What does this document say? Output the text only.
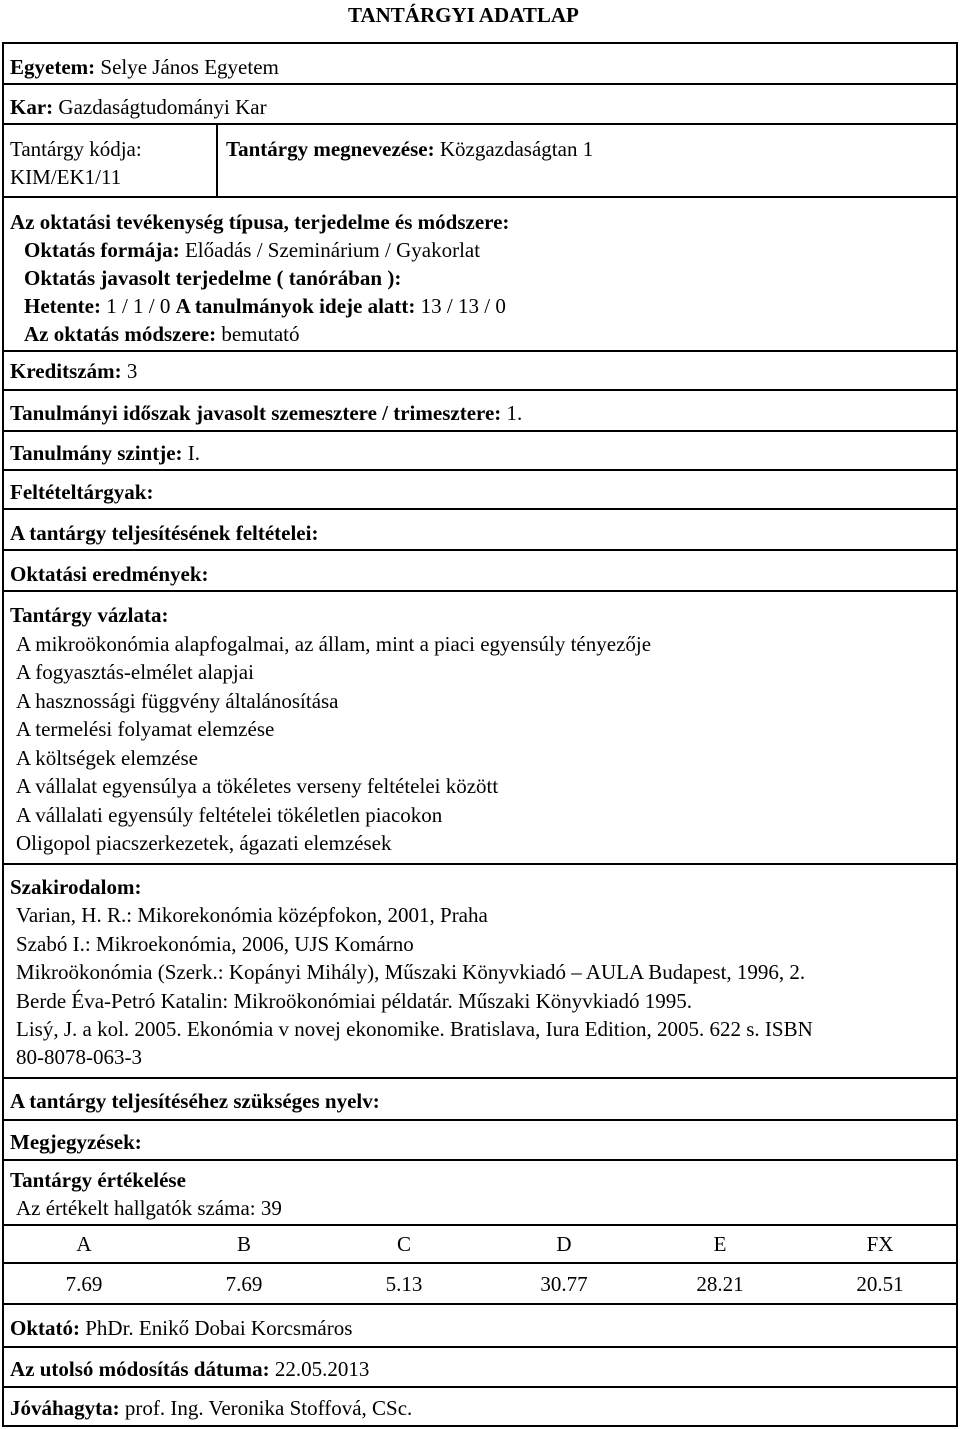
TANTÁRGYI ADATLAP
Egyetem: Selye János Egyetem
Kar: Gazdaságtudományi Kar
Tantárgy kódja:
KIM/EK1/11
Tantárgy megnevezése: Közgazdaságtan 1
Az oktatási tevékenység típusa, terjedelme és módszere:
Oktatás formája: Előadás / Szeminárium / Gyakorlat
Oktatás javasolt terjedelme ( tanórában ):
Hetente: 1 / 1 / 0 A tanulmányok ideje alatt: 13 / 13 / 0
Az oktatás módszere: bemutató
Kreditszám: 3
Tanulmányi időszak javasolt szemesztere / trimesztere: 1.
Tanulmány szintje: I.
Feltételtárgyak:
A tantárgy teljesítésének feltételei:
Oktatási eredmények:
Tantárgy vázlata:
A mikroökonómia alapfogalmai, az állam, mint a piaci egyensúly tényezője
A fogyasztás-elmélet alapjai
A hasznossági függvény általánosítása
A termelési folyamat elemzése
A költségek elemzése
A vállalat egyensúlya a tökéletes verseny feltételei között
A vállalati egyensúly feltételei tökéletlen piacokon
Oligopol piacszerkezetek, ágazati elemzések
Szakirodalom:
Varian, H. R.: Mikorekonómia középfokon, 2001, Praha
Szabó I.: Mikroekonómia, 2006, UJS Komárno
Mikroökonómia (Szerk.: Kopányi Mihály), Műszaki Könyvkiadó – AULA Budapest, 1996, 2.
Berde Éva-Petró Katalin: Mikroökonómiai példatár. Műszaki Könyvkiadó 1995.
Lisý, J. a kol. 2005. Ekonómia v novej ekonomike. Bratislava, Iura Edition, 2005. 622 s. ISBN
80-8078-063-3
A tantárgy teljesítéséhez szükséges nyelv:
Megjegyzések:
Tantárgy értékelése
Az értékelt hallgatók száma: 39
A	B	C	D	E	FX
7.69	7.69	5.13	30.77	28.21	20.51
Oktató: PhDr. Enikő Dobai Korcsmáros
Az utolsó módosítás dátuma: 22.05.2013
Jóváhagyta: prof. Ing. Veronika Stoffová, CSc.
